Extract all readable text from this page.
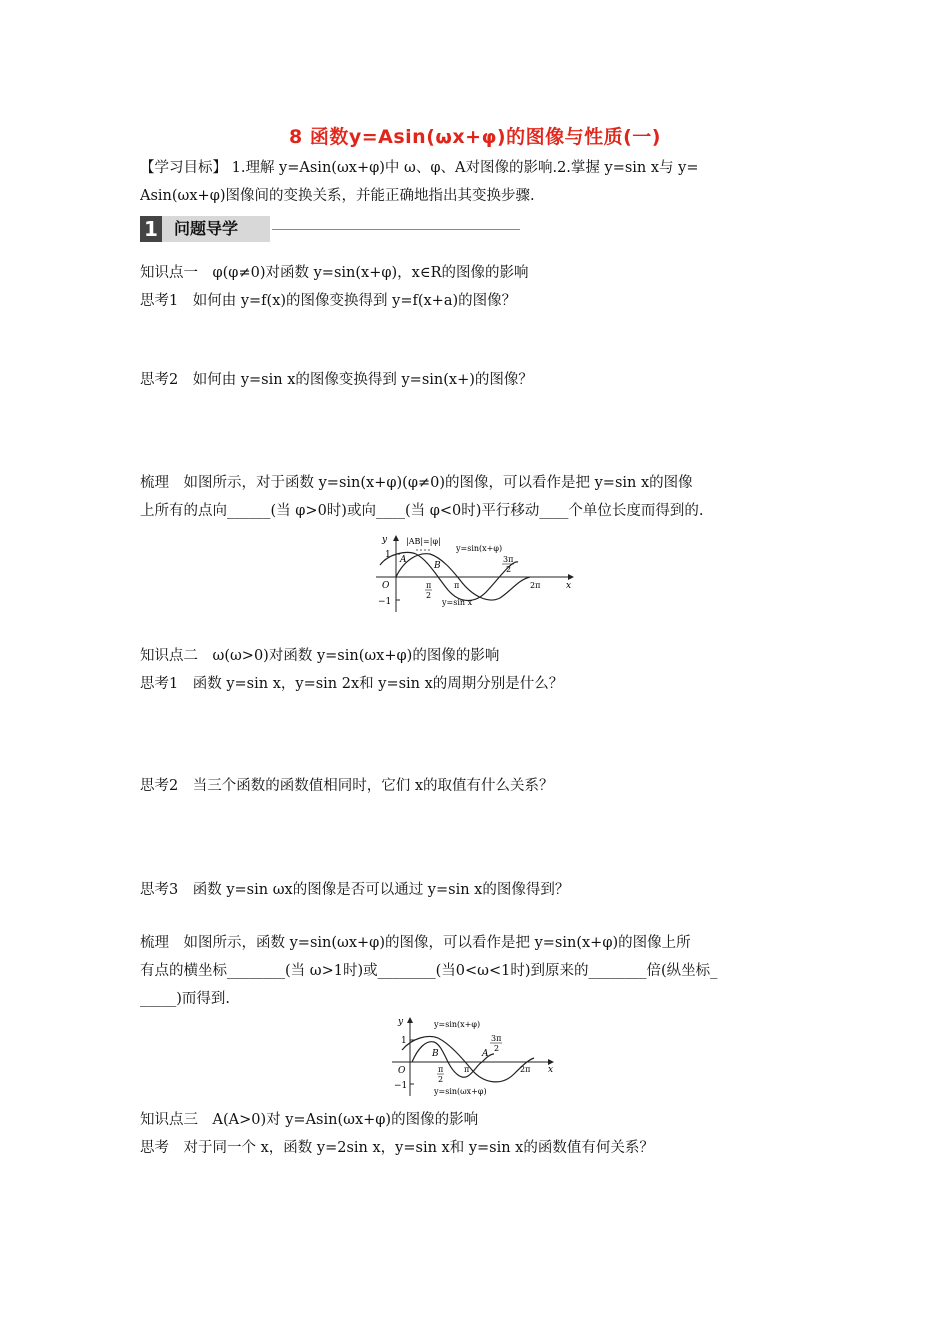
8 函数y=Asin(ωx+φ)的图像与性质(一)
【学习目标】 1.理解 y=Asin(ωx+φ)中 ω、φ、A对图像的影响.2.掌握 y=sin x与 y=
Asin(ωx+φ)图像间的变换关系，并能正确地指出其变换步骤.
1	问题导学
知识点一　φ(φ≠0)对函数 y=sin(x+φ)，x∈R的图像的影响
思考1　如何由 y=f(x)的图像变换得到 y=f(x+a)的图像？
思考2　如何由 y=sin x的图像变换得到 y=sin(x+)的图像？
梳理　如图所示，对于函数 y=sin(x+φ)(φ≠0)的图像，可以看作是把 y=sin x的图像
上所有的点向______(当 φ>0时)或向____(当 φ<0时)平行移动____个单位长度而得到的.
y
x
O
1
−1
|AB|=|φ|
A
B
y=sin(x+φ)
y=sin x
π
2
π
3π
2
2π
知识点二　ω(ω>0)对函数 y=sin(ωx+φ)的图像的影响
思考1　函数 y=sin x，y=sin 2x和 y=sin x的周期分别是什么？
思考2　当三个函数的函数值相同时，它们 x的取值有什么关系？
思考3　函数 y=sin ωx的图像是否可以通过 y=sin x的图像得到？
梳理　如图所示，函数 y=sin(ωx+φ)的图像，可以看作是把 y=sin(x+φ)的图像上所
有点的横坐标________(当 ω>1时)或________(当0<ω<1时)到原来的________倍(纵坐标_
_____)而得到.
y
x
O
1
−1
y=sin(x+φ)
y=sin(ωx+φ)
B	A
π
2
π
3π
2
2π
知识点三　A(A>0)对 y=Asin(ωx+φ)的图像的影响
思考　对于同一个 x，函数 y=2sin x，y=sin x和 y=sin x的函数值有何关系？
